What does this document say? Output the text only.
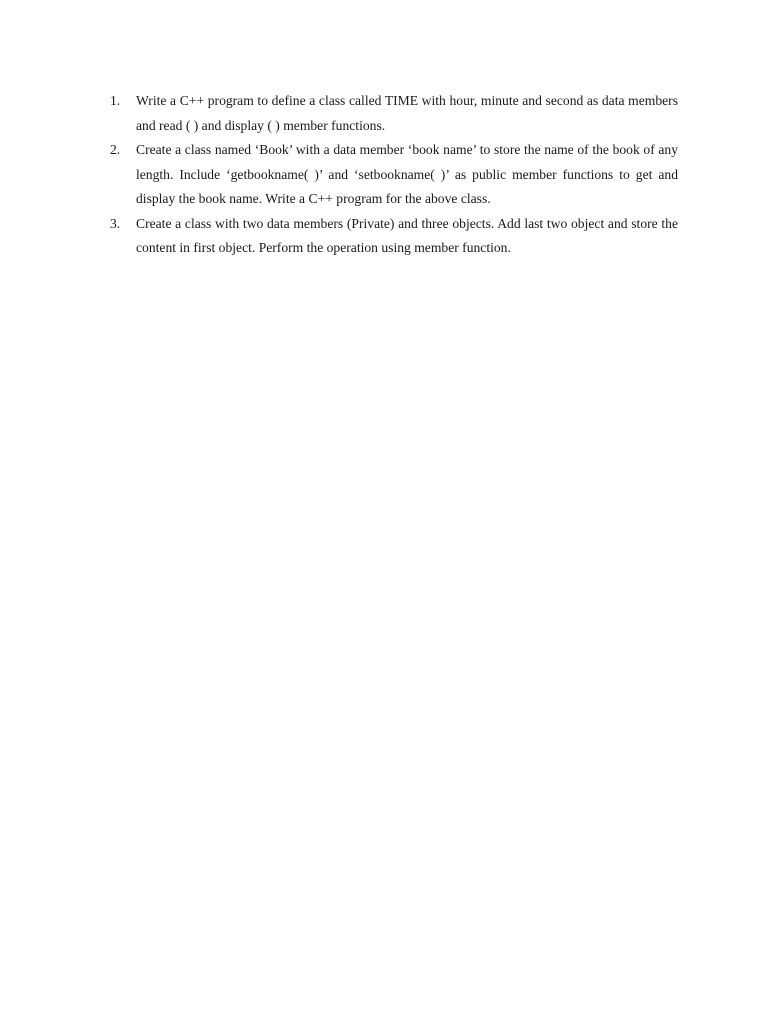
1.	Write a C++ program to define a class called TIME with hour, minute and second as data members and read ( ) and display ( ) member functions.
2.	Create a class named ‘Book’ with a data member ‘book name’ to store the name of the book of any length. Include ‘getbookname( )’ and ‘setbookname( )’ as public member functions to get and display the book name. Write a C++ program for the above class.
3.	Create a class with two data members (Private) and three objects. Add last two object and store the content in first object. Perform the operation using member function.
